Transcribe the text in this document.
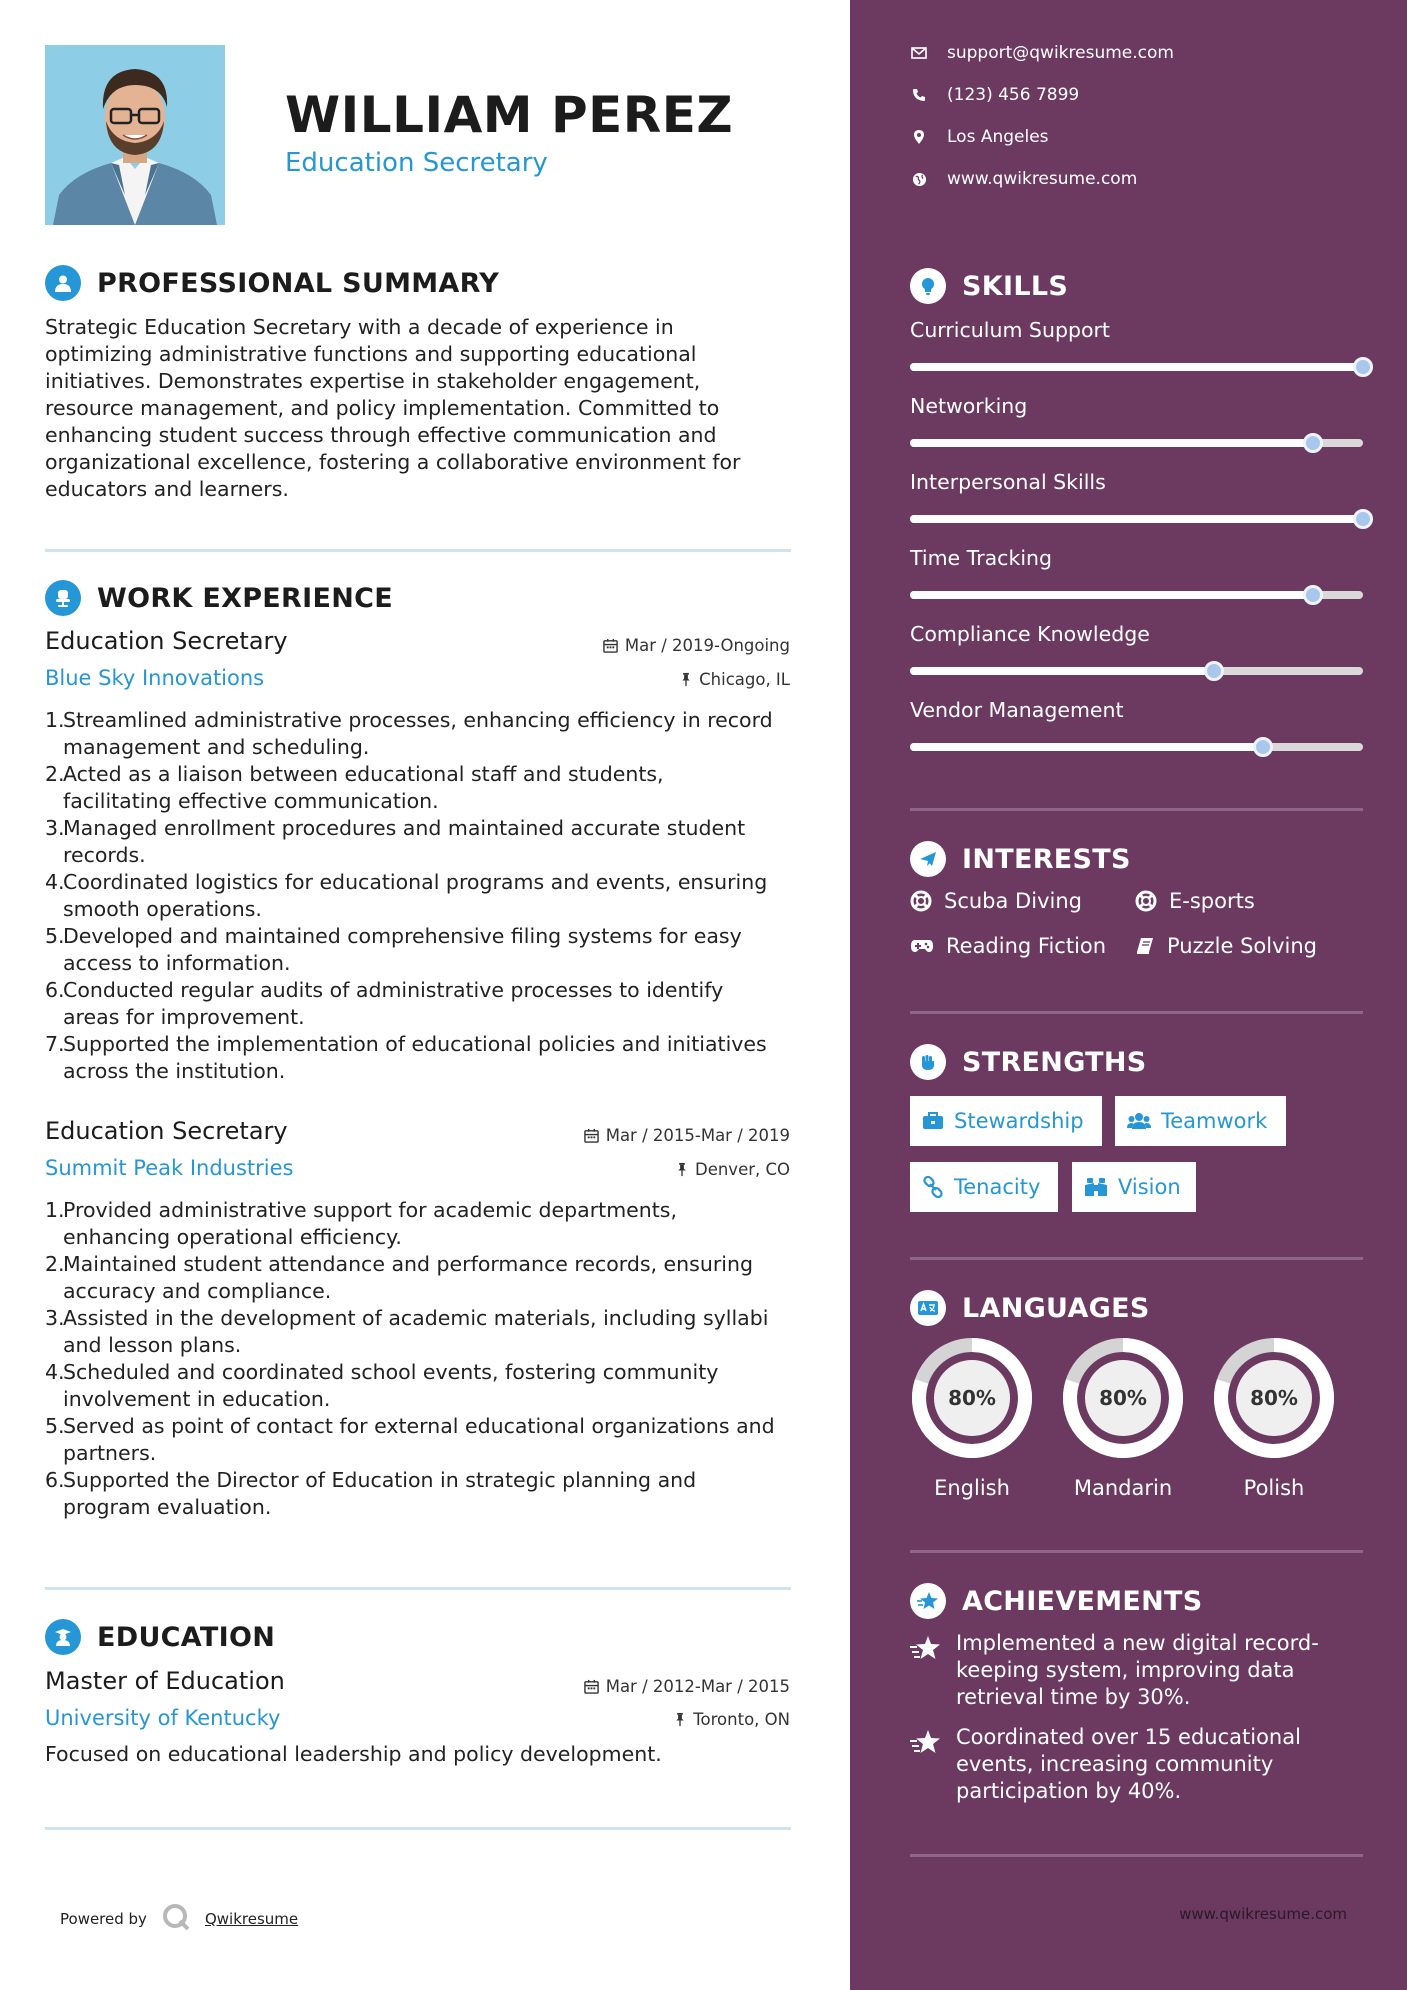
WILLIAM PEREZ
Education Secretary
PROFESSIONAL SUMMARY
Strategic Education Secretary with a decade of experience in
optimizing administrative functions and supporting educational
initiatives. Demonstrates expertise in stakeholder engagement,
resource management, and policy implementation. Committed to
enhancing student success through effective communication and
organizational excellence, fostering a collaborative environment for
educators and learners.
WORK EXPERIENCE
Education Secretary	Mar / 2019-Ongoing
Blue Sky Innovations	Chicago, IL
1.
Streamlined administrative processes, enhancing efficiency in record
management and scheduling.
2.
Acted as a liaison between educational staff and students,
facilitating effective communication.
3.
Managed enrollment procedures and maintained accurate student
records.
4.
Coordinated logistics for educational programs and events, ensuring
smooth operations.
5.
Developed and maintained comprehensive filing systems for easy
access to information.
6.
Conducted regular audits of administrative processes to identify
areas for improvement.
7.
Supported the implementation of educational policies and initiatives
across the institution.
Education Secretary	Mar / 2015-Mar / 2019
Summit Peak Industries	Denver, CO
1.
Provided administrative support for academic departments,
enhancing operational efficiency.
2.
Maintained student attendance and performance records, ensuring
accuracy and compliance.
3.
Assisted in the development of academic materials, including syllabi
and lesson plans.
4.
Scheduled and coordinated school events, fostering community
involvement in education.
5.
Served as point of contact for external educational organizations and
partners.
6.
Supported the Director of Education in strategic planning and
program evaluation.
EDUCATION
Master of Education	Mar / 2012-Mar / 2015
University of Kentucky	Toronto, ON
Focused on educational leadership and policy development.
Powered by	Qwikresume
support@qwikresume.com
(123) 456 7899
Los Angeles
www.qwikresume.com
SKILLS
Curriculum Support
Networking
Interpersonal Skills
Time Tracking
Compliance Knowledge
Vendor Management
INTERESTS
Scuba Diving	E-sports
Reading Fiction	Puzzle Solving
STRENGTHS
Stewardship	Teamwork
Tenacity	Vision
LANGUAGES
80%
English
80%
Mandarin
80%
Polish
ACHIEVEMENTS
Implemented a new digital record-
keeping system, improving data
retrieval time by 30%.
Coordinated over 15 educational
events, increasing community
participation by 40%.
www.qwikresume.com
